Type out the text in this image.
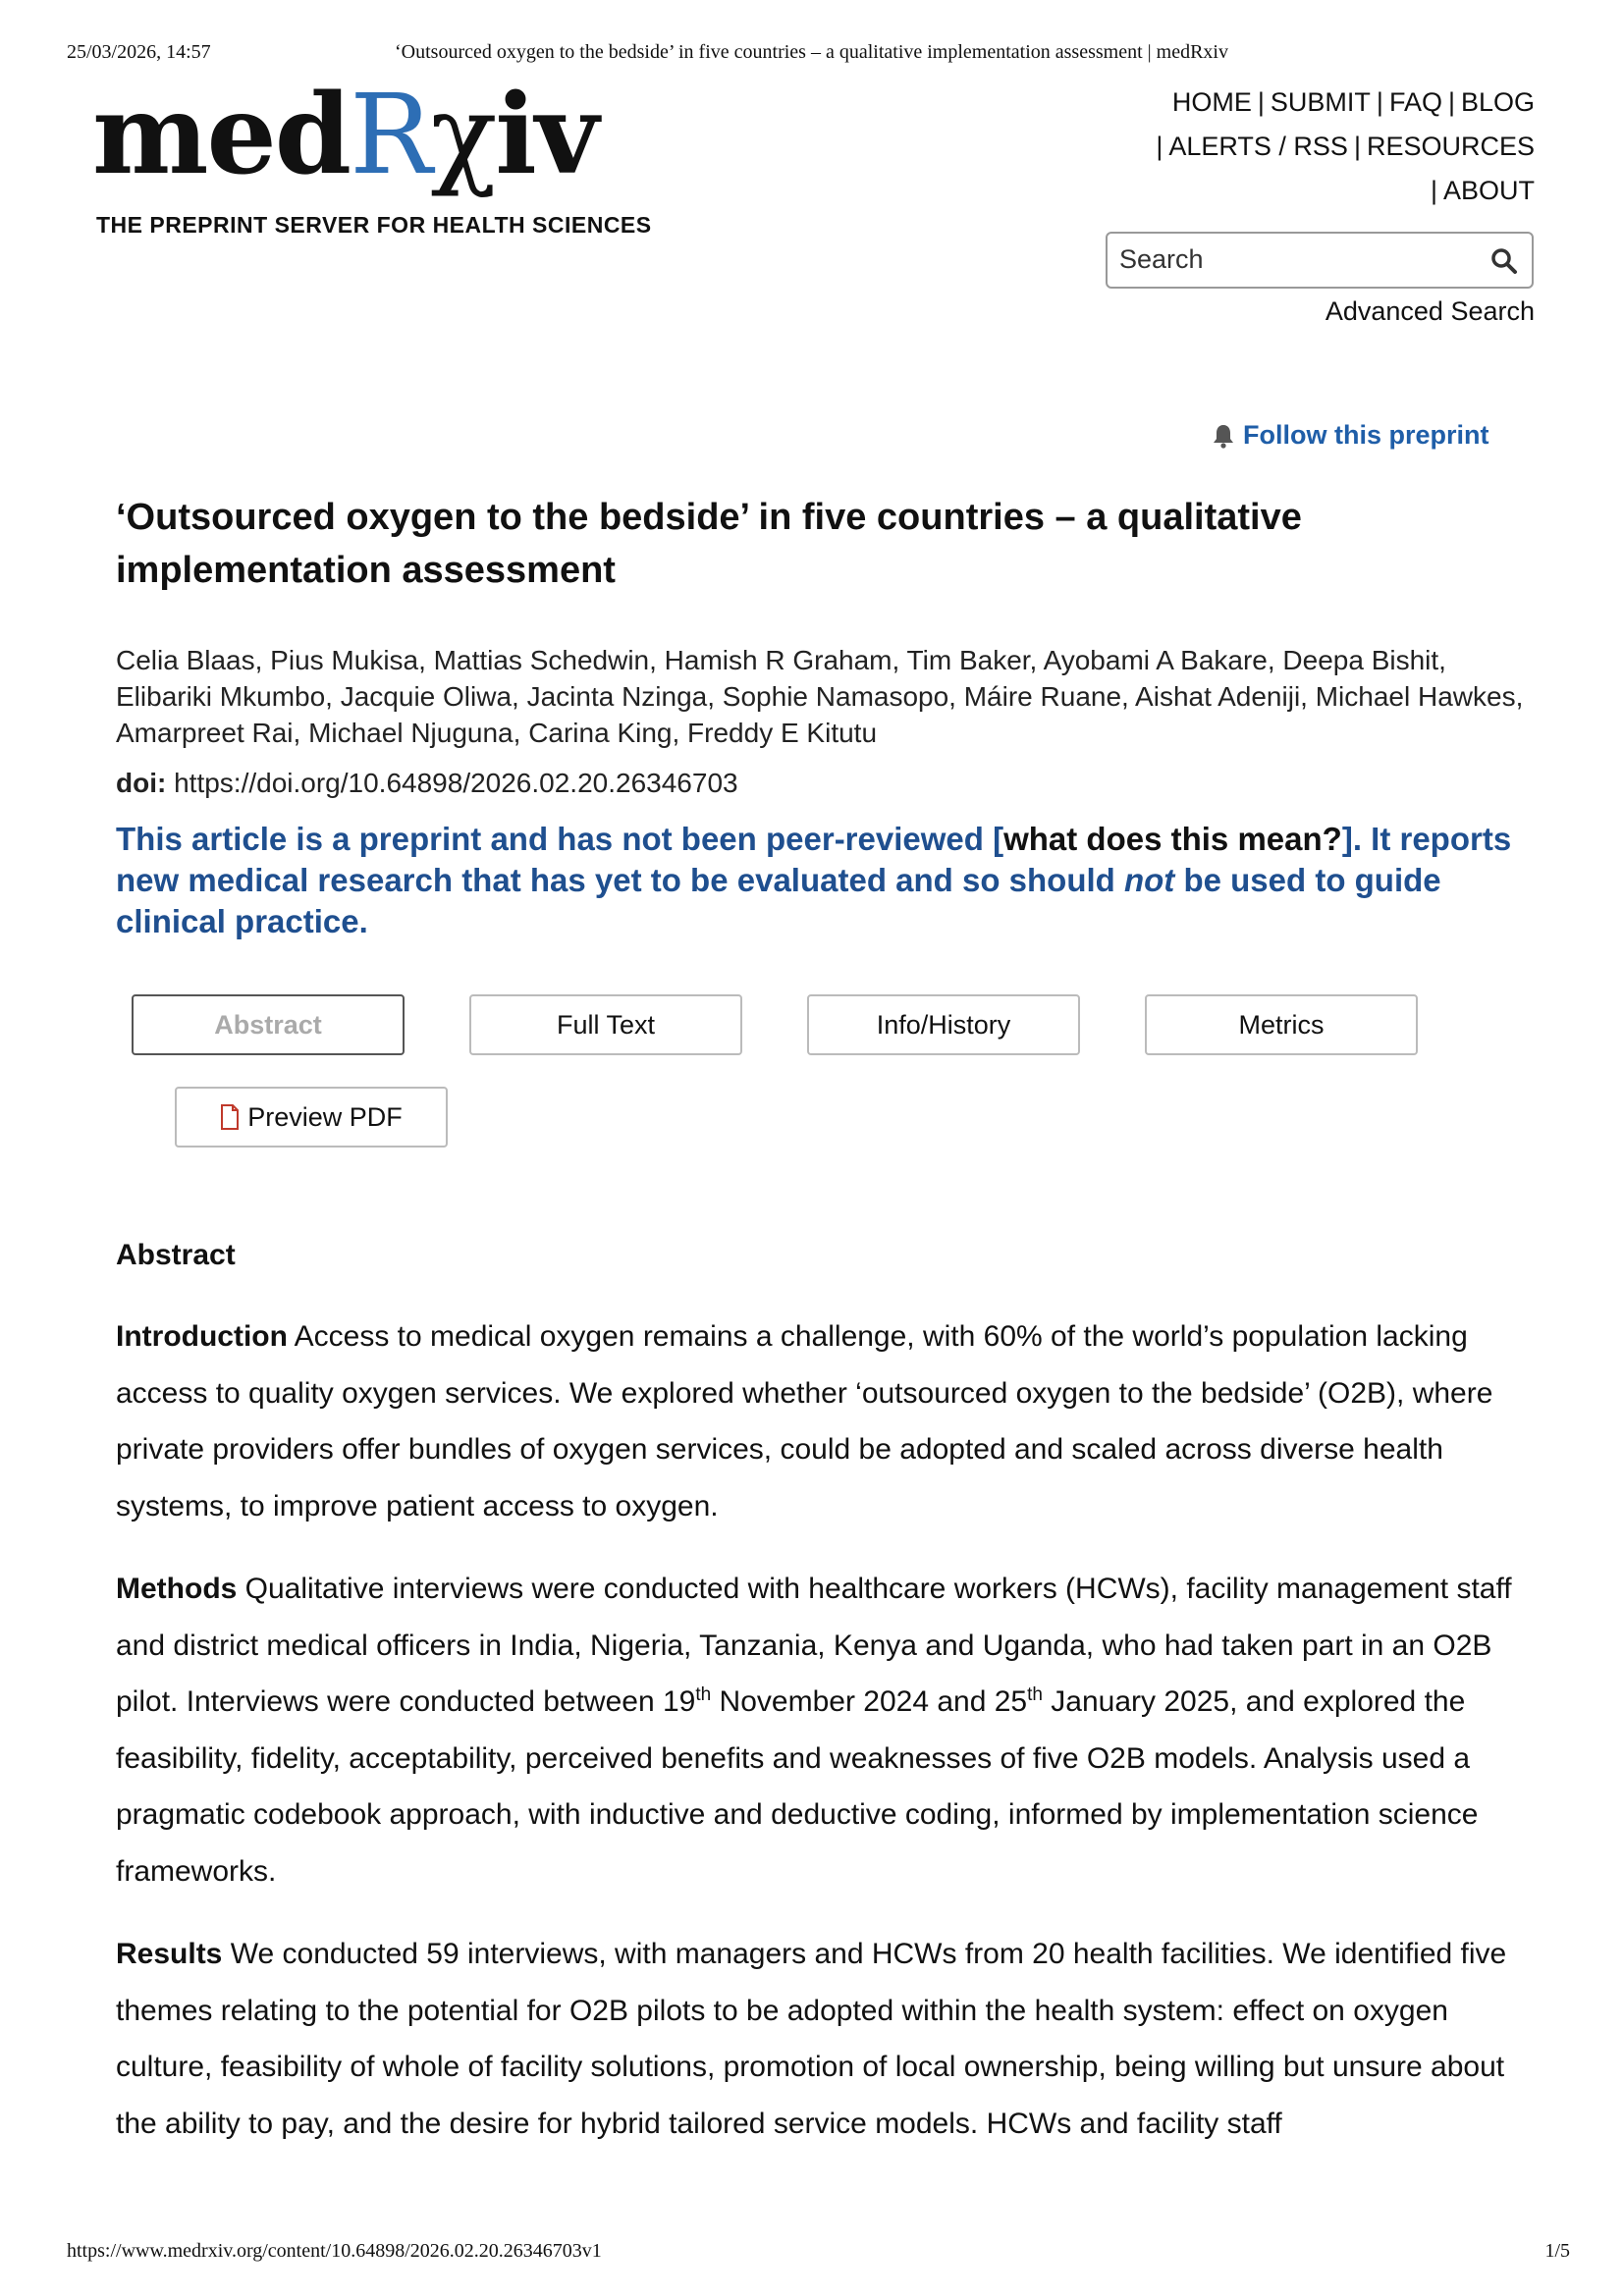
25/03/2026, 14:57	‘Outsourced oxygen to the bedside’ in five countries – a qualitative implementation assessment | medRxiv
medRχiv
THE PREPRINT SERVER FOR HEALTH SCIENCES
HOME | SUBMIT | FAQ | BLOG
| ALERTS / RSS | RESOURCES
| ABOUT
Search
Advanced Search
Follow this preprint
‘Outsourced oxygen to the bedside’ in five countries – a qualitative implementation assessment
Celia Blaas, Pius Mukisa, Mattias Schedwin, Hamish R Graham, Tim Baker, Ayobami A Bakare, Deepa Bishit, Elibariki Mkumbo, Jacquie Oliwa, Jacinta Nzinga, Sophie Namasopo, Máire Ruane, Aishat Adeniji, Michael Hawkes, Amarpreet Rai, Michael Njuguna, Carina King, Freddy E Kitutu
doi: https://doi.org/10.64898/2026.02.20.26346703
This article is a preprint and has not been peer-reviewed [what does this mean?]. It reports new medical research that has yet to be evaluated and so should not be used to guide clinical practice.
Abstract	Full Text	Info/History	Metrics
Preview PDF
Abstract

Introduction Access to medical oxygen remains a challenge, with 60% of the world’s population lacking access to quality oxygen services. We explored whether ‘outsourced oxygen to the bedside’ (O2B), where private providers offer bundles of oxygen services, could be adopted and scaled across diverse health systems, to improve patient access to oxygen.

Methods Qualitative interviews were conducted with healthcare workers (HCWs), facility management staff and district medical officers in India, Nigeria, Tanzania, Kenya and Uganda, who had taken part in an O2B pilot. Interviews were conducted between 19th November 2024 and 25th January 2025, and explored the feasibility, fidelity, acceptability, perceived benefits and weaknesses of five O2B models. Analysis used a pragmatic codebook approach, with inductive and deductive coding, informed by implementation science frameworks.

Results We conducted 59 interviews, with managers and HCWs from 20 health facilities. We identified five themes relating to the potential for O2B pilots to be adopted within the health system: effect on oxygen culture, feasibility of whole of facility solutions, promotion of local ownership, being willing but unsure about the ability to pay, and the desire for hybrid tailored service models. HCWs and facility staff

https://www.medrxiv.org/content/10.64898/2026.02.20.26346703v1	1/5
